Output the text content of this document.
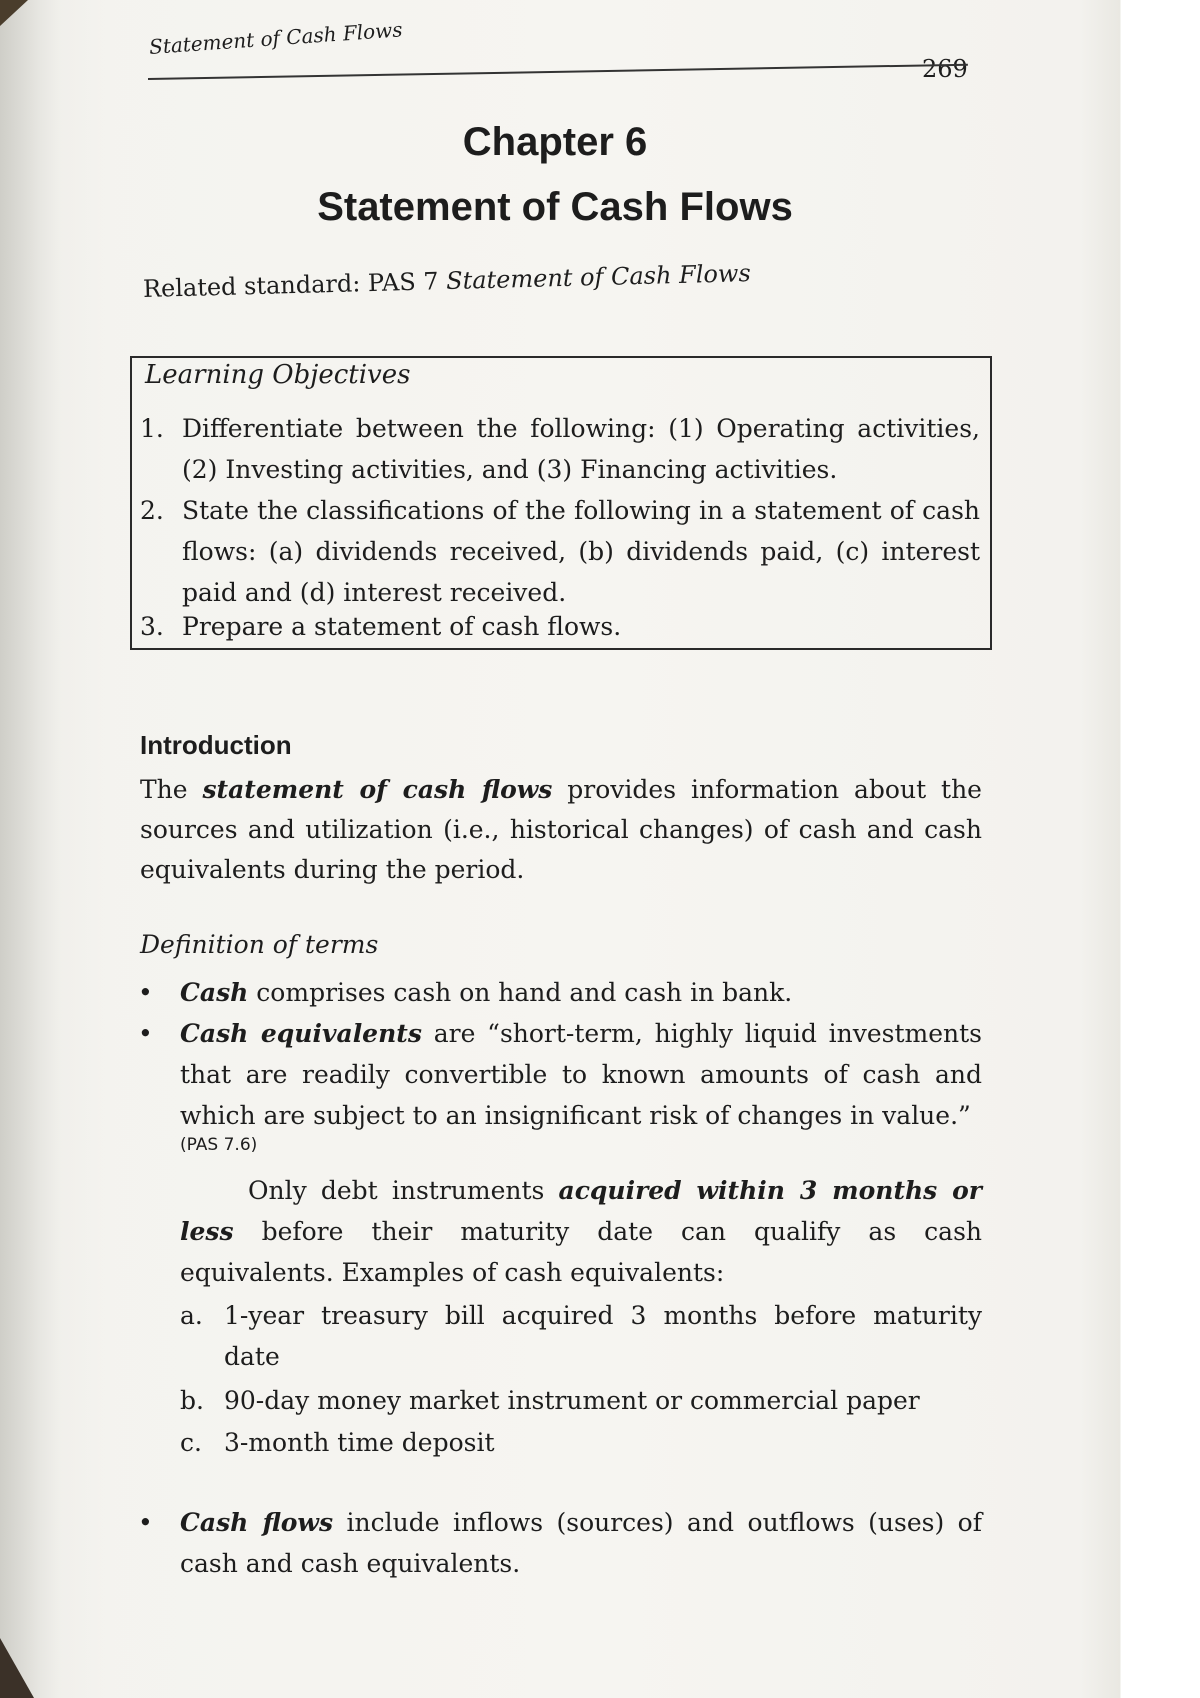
Statement of Cash Flows
269
Chapter 6
Statement of Cash Flows
Related standard: PAS 7 Statement of Cash Flows
Learning Objectives
1. Differentiate between the following: (1) Operating activities, (2) Investing activities, and (3) Financing activities.
2. State the classifications of the following in a statement of cash flows: (a) dividends received, (b) dividends paid, (c) interest paid and (d) interest received.
3. Prepare a statement of cash flows.
Introduction
The statement of cash flows provides information about the sources and utilization (i.e., historical changes) of cash and cash equivalents during the period.
Definition of terms
• Cash comprises cash on hand and cash in bank.
• Cash equivalents are “short-term, highly liquid investments that are readily convertible to known amounts of cash and which are subject to an insignificant risk of changes in value.”
(PAS 7.6)
Only debt instruments acquired within 3 months or less before their maturity date can qualify as cash equivalents. Examples of cash equivalents:
a. 1-year treasury bill acquired 3 months before maturity date
b. 90-day money market instrument or commercial paper
c. 3-month time deposit
• Cash flows include inflows (sources) and outflows (uses) of cash and cash equivalents.
